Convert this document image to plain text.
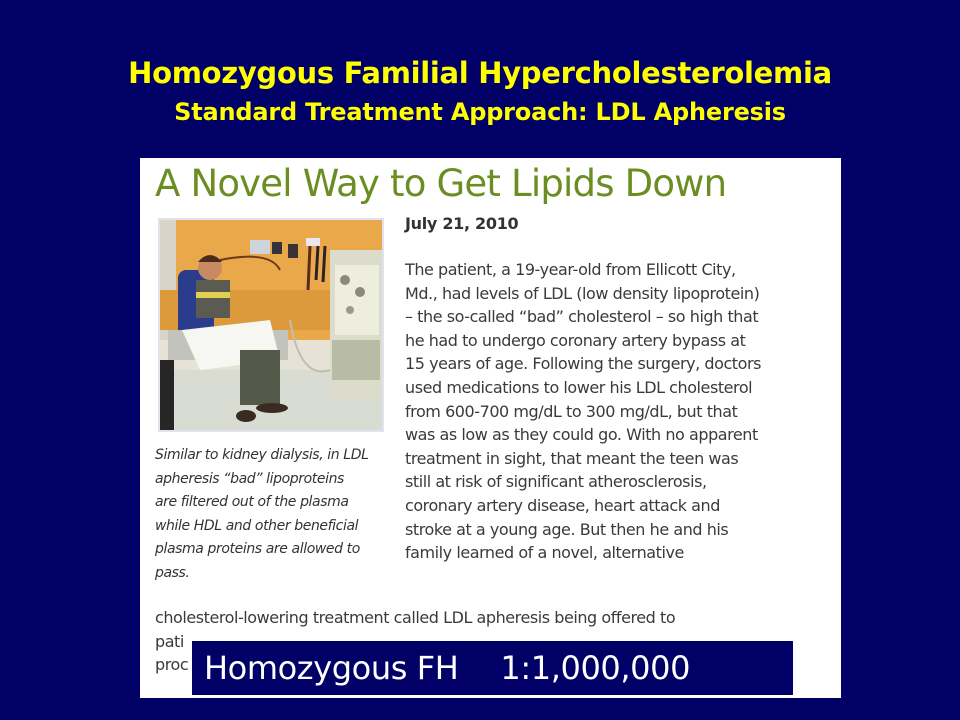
Homozygous Familial Hypercholesterolemia
Standard Treatment Approach: LDL Apheresis
A Novel Way to Get Lipids Down
Similar to kidney dialysis, in LDL
apheresis “bad” lipoproteins
are filtered out of the plasma
while HDL and other beneficial
plasma proteins are allowed to
pass.
July 21, 2010
The patient, a 19-year-old from Ellicott City,
Md., had levels of LDL (low density lipoprotein)
– the so-called “bad” cholesterol – so high that
he had to undergo coronary artery bypass at
15 years of age. Following the surgery, doctors
used medications to lower his LDL cholesterol
from 600-700 mg/dL to 300 mg/dL, but that
was as low as they could go. With no apparent
treatment in sight, that meant the teen was
still at risk of significant atherosclerosis,
coronary artery disease, heart attack and
stroke at a young age. But then he and his
family learned of a novel, alternative
cholesterol-lowering treatment called LDL apheresis being offered to
pati
proc Homozygous FH 1:1,000,000
